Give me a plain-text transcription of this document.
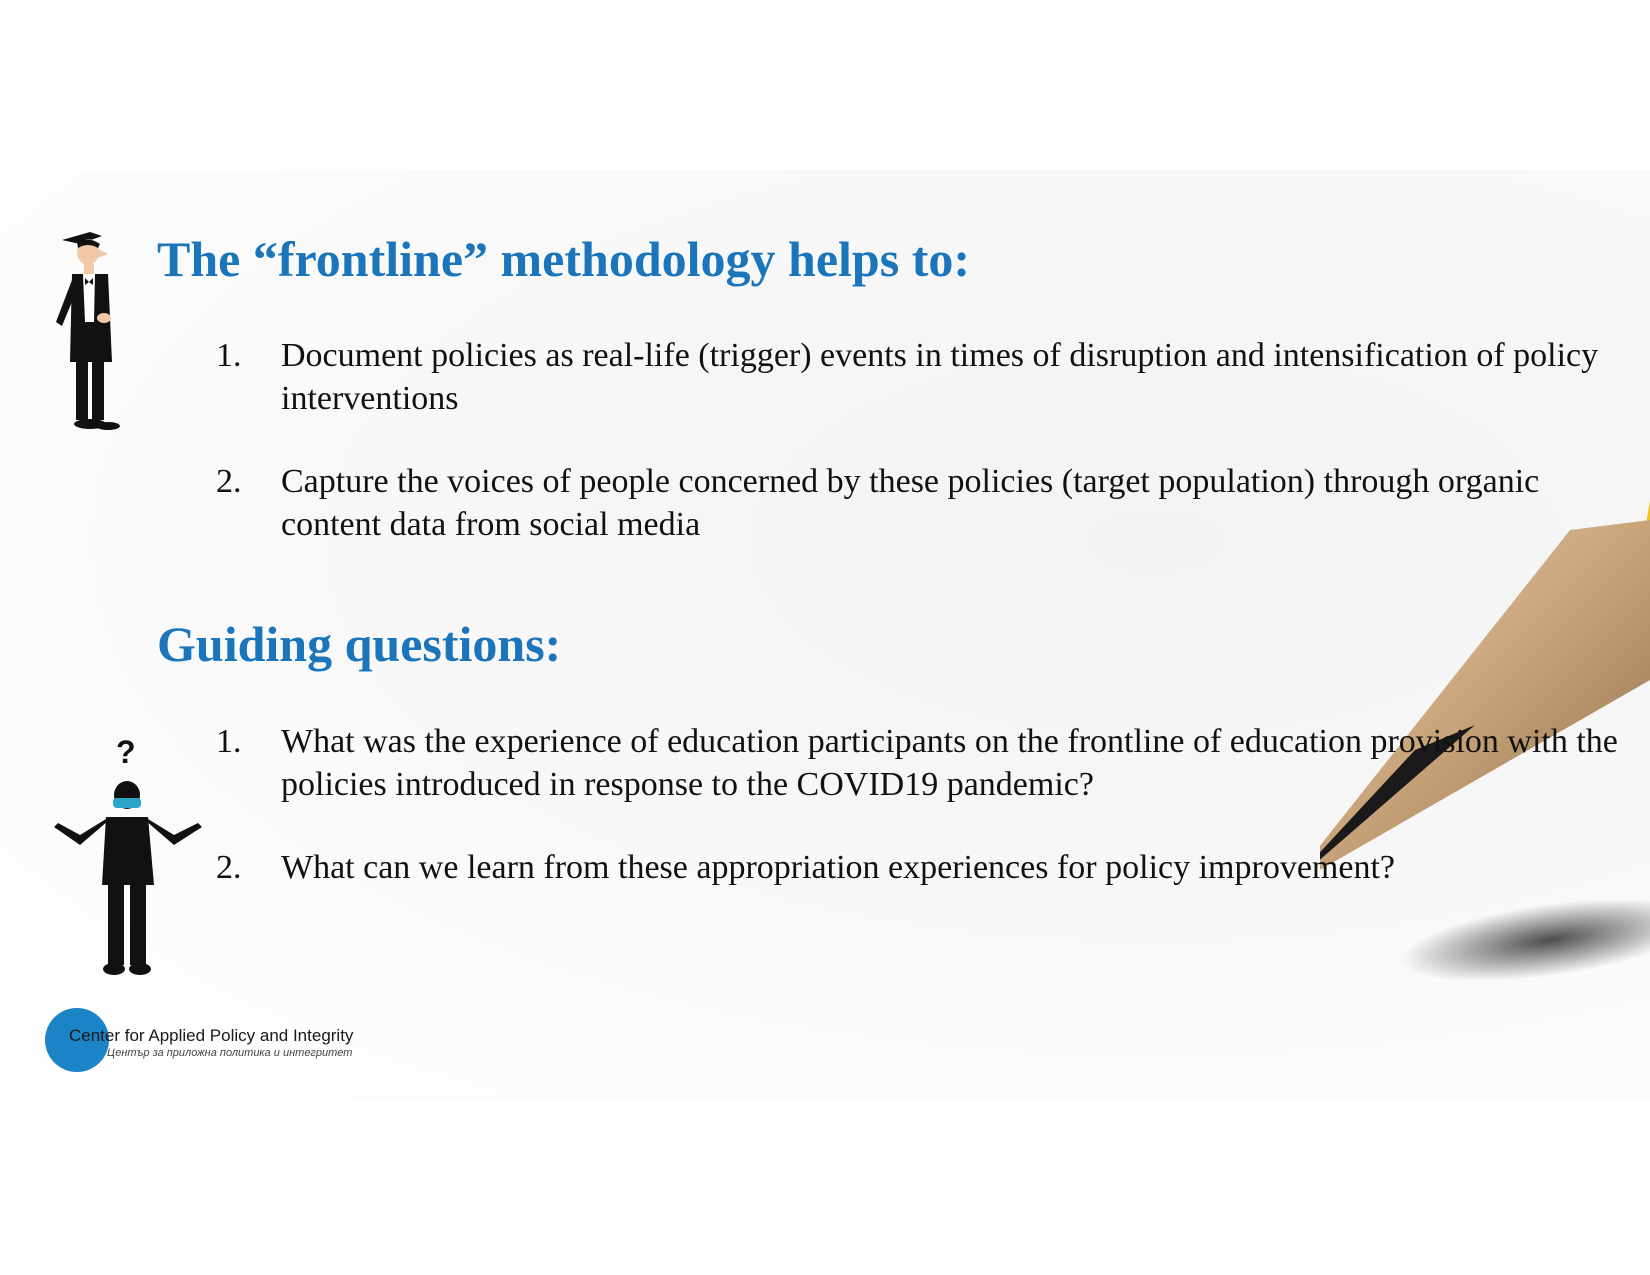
The “frontline” methodology helps to:
1. Document policies as real-life (trigger) events in times of disruption and intensification of policy interventions
2. Capture the voices of people concerned by these policies (target population) through organic content data from social media
Guiding questions:
1. What was the experience of education participants on the frontline of education provision with the policies introduced in response to the COVID19 pandemic?
2. What can we learn from these appropriation experiences for policy improvement?
?
Center for Applied Policy and Integrity
Център за приложна политика и интегритет
